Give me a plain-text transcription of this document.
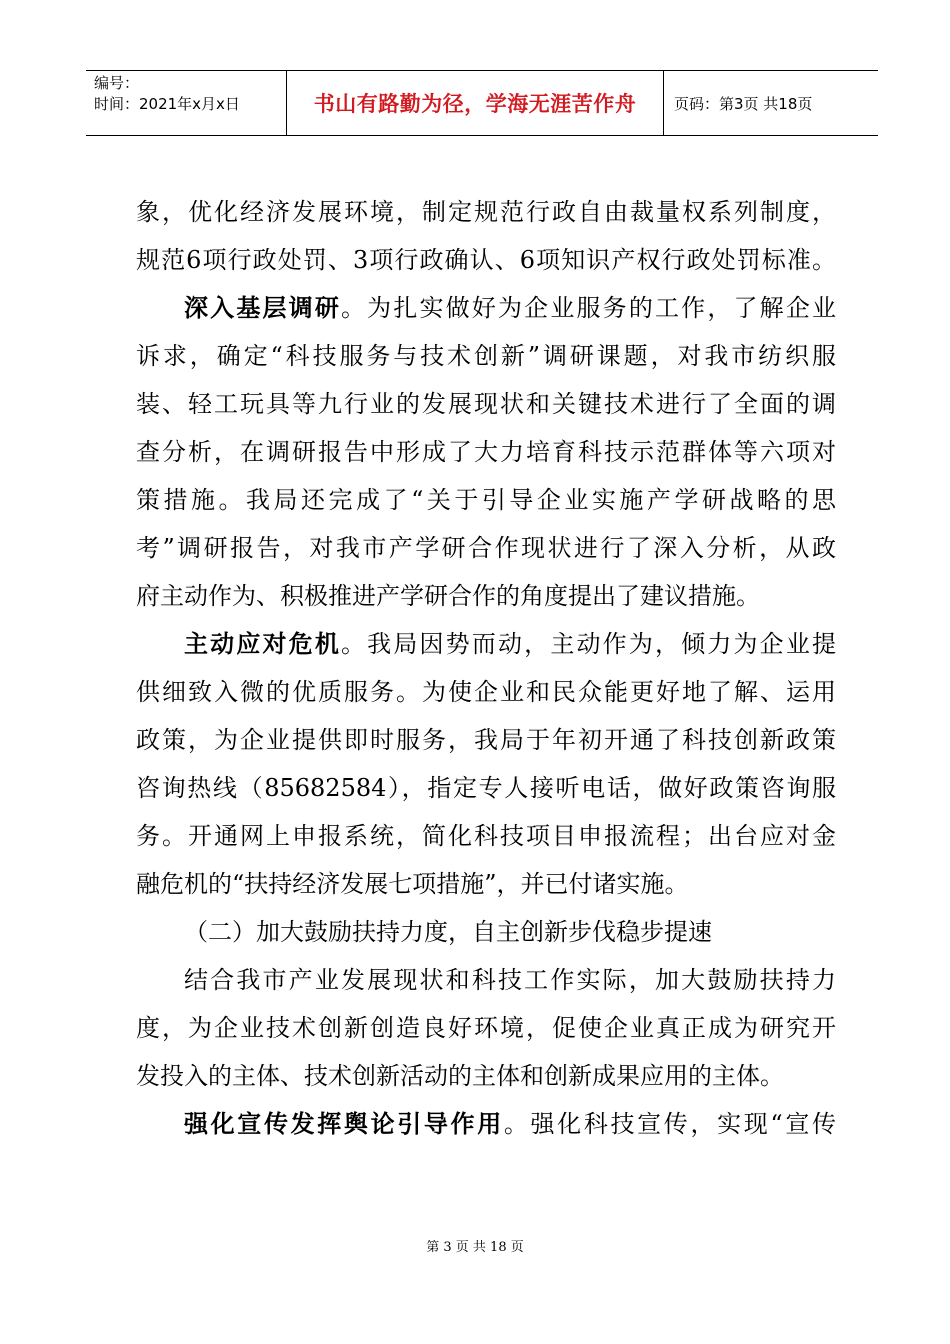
编号：
时间：2021年x月x日	书山有路勤为径，学海无涯苦作舟	页码：第3页 共18页
象，优化经济发展环境，制定规范行政自由裁量权系列制度，
规范6项行政处罚、3项行政确认、6项知识产权行政处罚标准。
深入基层调研。为扎实做好为企业服务的工作，了解企业
诉求，确定“科技服务与技术创新”调研课题，对我市纺织服
装、轻工玩具等九行业的发展现状和关键技术进行了全面的调
查分析，在调研报告中形成了大力培育科技示范群体等六项对
策措施。我局还完成了“关于引导企业实施产学研战略的思
考”调研报告，对我市产学研合作现状进行了深入分析，从政
府主动作为、积极推进产学研合作的角度提出了建议措施。
主动应对危机。我局因势而动，主动作为，倾力为企业提
供细致入微的优质服务。为使企业和民众能更好地了解、运用
政策，为企业提供即时服务，我局于年初开通了科技创新政策
咨询热线（85682584），指定专人接听电话，做好政策咨询服
务。开通网上申报系统，简化科技项目申报流程；出台应对金
融危机的“扶持经济发展七项措施”，并已付诸实施。
（二）加大鼓励扶持力度，自主创新步伐稳步提速
结合我市产业发展现状和科技工作实际，加大鼓励扶持力
度，为企业技术创新创造良好环境，促使企业真正成为研究开
发投入的主体、技术创新活动的主体和创新成果应用的主体。
强化宣传发挥舆论引导作用。强化科技宣传，实现“宣传
第 3 页 共 18 页
